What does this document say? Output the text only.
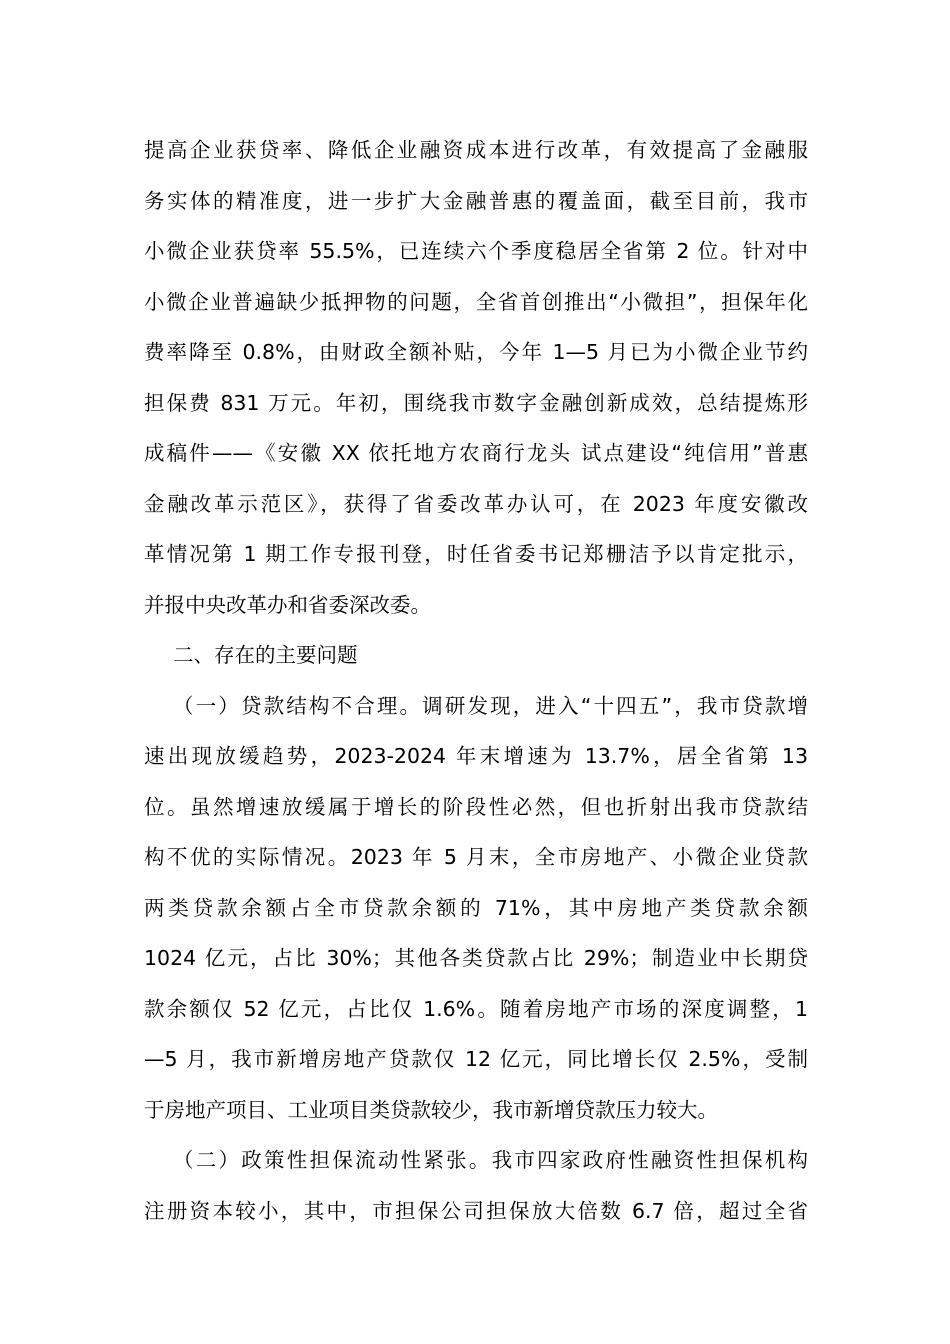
提高企业获贷率、降低企业融资成本进行改革，有效提高了金融服
务实体的精准度，进一步扩大金融普惠的覆盖面，截至目前，我市
小微企业获贷率 55.5%，已连续六个季度稳居全省第 2 位。针对中
小微企业普遍缺少抵押物的问题，全省首创推出“小微担”，担保年化
费率降至 0.8%，由财政全额补贴，今年 1—5 月已为小微企业节约
担保费 831 万元。年初，围绕我市数字金融创新成效，总结提炼形
成稿件——《安徽 XX 依托地方农商行龙头 试点建设“纯信用”普惠
金融改革示范区》，获得了省委改革办认可，在 2023 年度安徽改
革情况第 1 期工作专报刊登，时任省委书记郑栅洁予以肯定批示，
并报中央改革办和省委深改委。
二、存在的主要问题
（一）贷款结构不合理。调研发现，进入“十四五”，我市贷款增
速出现放缓趋势，2023-2024 年末增速为 13.7%，居全省第 13
位。虽然增速放缓属于增长的阶段性必然，但也折射出我市贷款结
构不优的实际情况。2023 年 5 月末，全市房地产、小微企业贷款
两类贷款余额占全市贷款余额的 71%，其中房地产类贷款余额
1024 亿元，占比 30%；其他各类贷款占比 29%；制造业中长期贷
款余额仅 52 亿元，占比仅 1.6%。随着房地产市场的深度调整，1
—5 月，我市新增房地产贷款仅 12 亿元，同比增长仅 2.5%，受制
于房地产项目、工业项目类贷款较少，我市新增贷款压力较大。
（二）政策性担保流动性紧张。我市四家政府性融资性担保机构
注册资本较小，其中，市担保公司担保放大倍数 6.7 倍，超过全省
